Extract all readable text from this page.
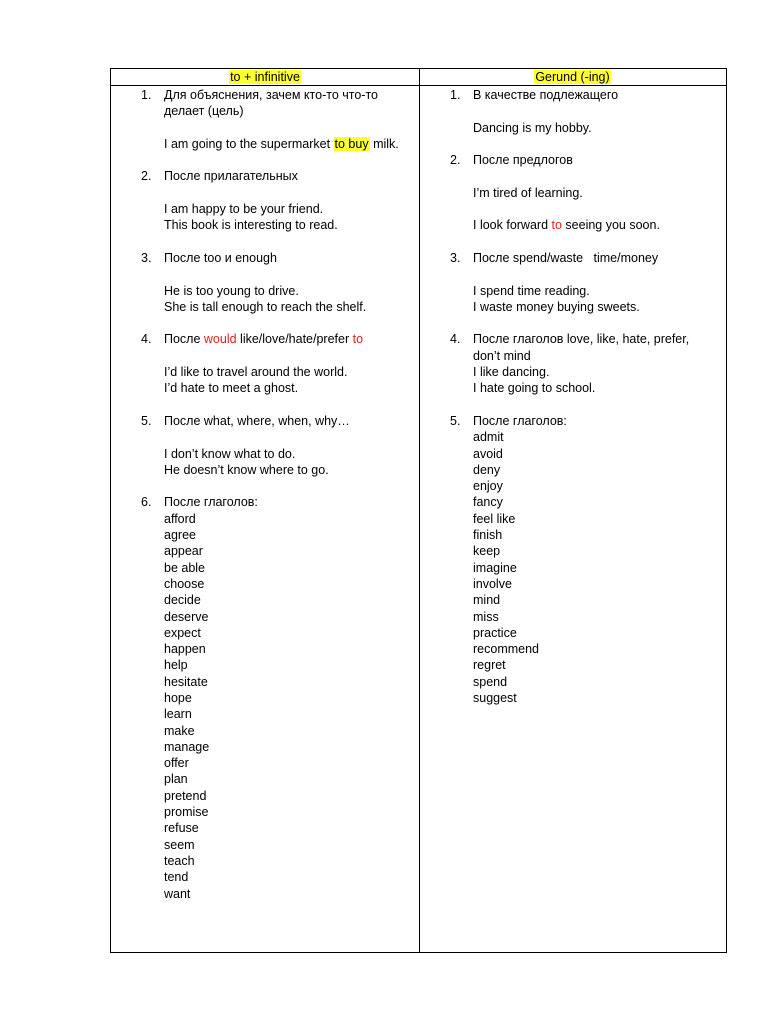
to + infinitive	Gerund (-ing)
1. Для объяснения, зачем кто-то что-то
делает (цель)
I am going to the supermarket to buy milk.
2. После прилагательных
I am happy to be your friend.
This book is interesting to read.
3. После too и enough
He is too young to drive.
She is tall enough to reach the shelf.
4. После would like/love/hate/prefer to
I’d like to travel around the world.
I’d hate to meet a ghost.
5. После what, where, when, why…
I don’t know what to do.
He doesn’t know where to go.
6. После глаголов:
afford
agree
appear
be able
choose
decide
deserve
expect
happen
help
hesitate
hope
learn
make
manage
offer
plan
pretend
promise
refuse
seem
teach
tend
want
1. В качестве подлежащего
Dancing is my hobby.
2. После предлогов
I’m tired of learning.
I look forward to seeing you soon.
3. После spend/waste   time/money
I spend time reading.
I waste money buying sweets.
4. После глаголов love, like, hate, prefer,
don’t mind
I like dancing.
I hate going to school.
5. После глаголов:
admit
avoid
deny
enjoy
fancy
feel like
finish
keep
imagine
involve
mind
miss
practice
recommend
regret
spend
suggest
